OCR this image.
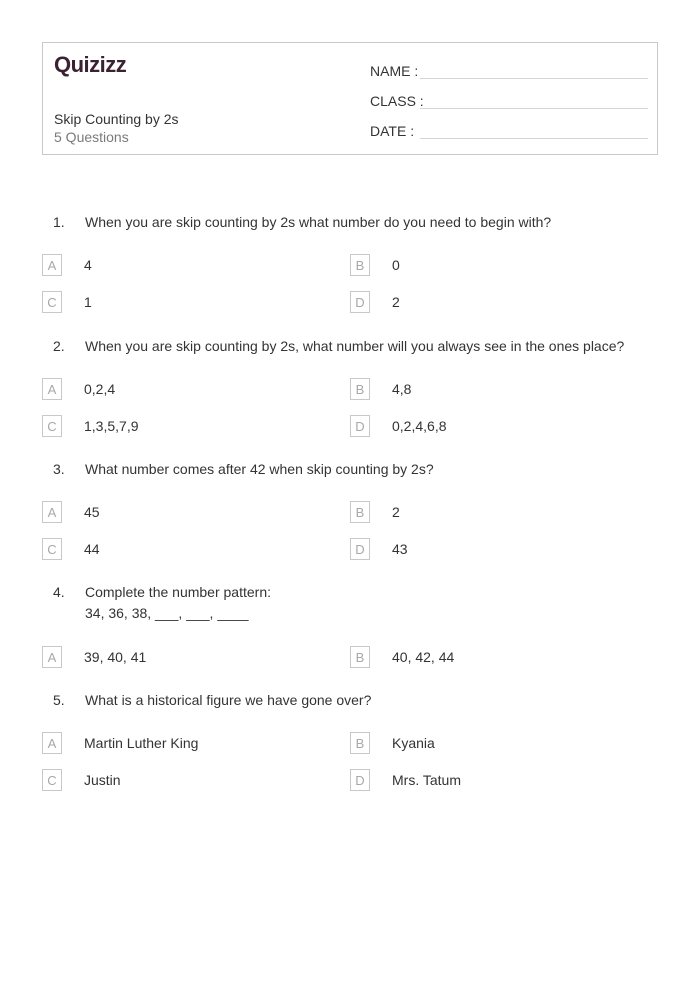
Quizizz
Skip Counting by 2s
5 Questions
NAME :
CLASS :
DATE :
1.	When you are skip counting by 2s what number do you need to begin with?
A	4	B	0
C	1	D	2
2.	When you are skip counting by 2s, what number will you always see in the ones place?
A	0,2,4	B	4,8
C	1,3,5,7,9	D	0,2,4,6,8
3.	What number comes after 42 when skip counting by 2s?
A	45	B	2
C	44	D	43
4.	Complete the number pattern:
34, 36, 38, ___, ___, ____
A	39, 40, 41	B	40, 42, 44
5.	What is a historical figure we have gone over?
A	Martin Luther King	B	Kyania
C	Justin	D	Mrs. Tatum
